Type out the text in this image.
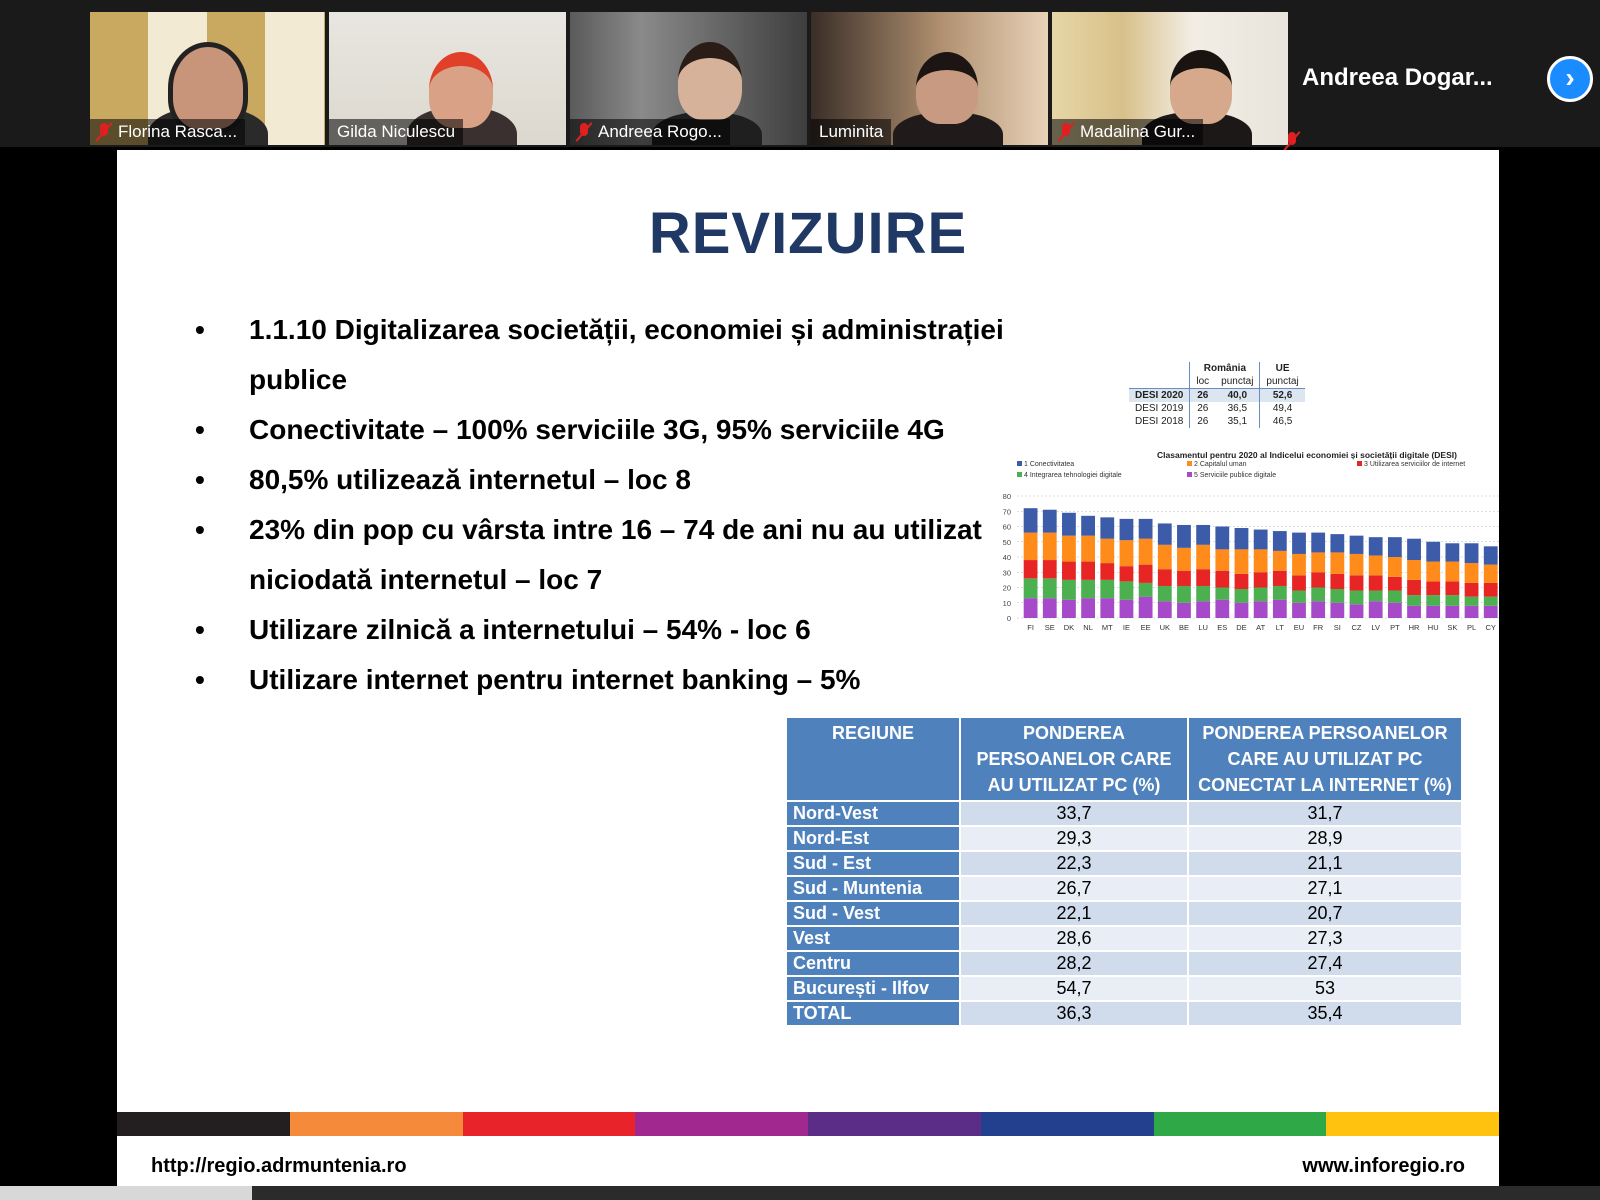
Florina Rasca...	Gilda Niculescu	Andreea Rogo...	Luminita	Madalina Gur...
Andreea Dogar...	›
REVIZUIRE
• 1.1.10 Digitalizarea societății, economiei și administrației publice
• Conectivitate – 100% serviciile 3G, 95% serviciile 4G
• 80,5% utilizează internetul – loc 8
• 23% din pop cu vârsta intre 16 – 74 de ani nu au utilizat niciodată internetul – loc 7
• Utilizare zilnică a internetului – 54% - loc 6
• Utilizare internet pentru internet banking – 5%
	România		UE
	loc	punctaj	punctaj
DESI 2020	26	40,0	52,6
DESI 2019	26	36,5	49,4
DESI 2018	26	35,1	46,5
Clasamentul pentru 2020 al Indicelui economiei și societății digitale (DESI)
1 Conectivitatea	2 Capitalul uman	3 Utilizarea serviciilor de internet
4 Integrarea tehnologiei digitale	5 Serviciile publice digitale
0
10
20
30
40
50
60
70
80
FI SE DK NL MT IE EE UK BE LU ES DE AT LT EU FR SI CZ LV PT HR HU SK PL CY IT RO EL BG
REGIUNE	PONDEREA PERSOANELOR CARE AU UTILIZAT PC (%)	PONDEREA PERSOANELOR CARE AU UTILIZAT PC CONECTAT LA INTERNET (%)
Nord-Vest	33,7	31,7
Nord-Est	29,3	28,9
Sud - Est	22,3	21,1
Sud - Muntenia	26,7	27,1
Sud - Vest	22,1	20,7
Vest	28,6	27,3
Centru	28,2	27,4
București - Ilfov	54,7	53
TOTAL	36,3	35,4
http://regio.adrmuntenia.ro	www.inforegio.ro
